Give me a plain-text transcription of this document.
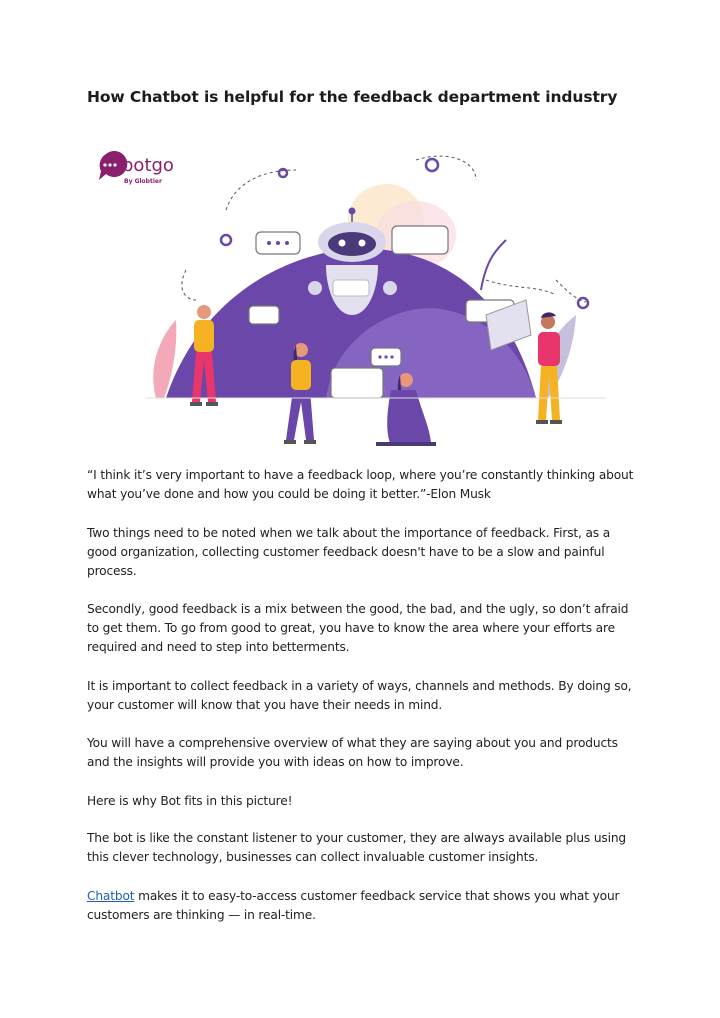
How Chatbot is helpful for the feedback department industry
botgo
By Globtier
“I think it’s very important to have a feedback loop, where you’re constantly thinking about what you’ve done and how you could be doing it better.”-Elon Musk
Two things need to be noted when we talk about the importance of feedback. First, as a good organization, collecting customer feedback doesn't have to be a slow and painful process.
Secondly, good feedback is a mix between the good, the bad, and the ugly, so don’t afraid to get them. To go from good to great, you have to know the area where your efforts are required and need to step into betterments.
It is important to collect feedback in a variety of ways, channels and methods. By doing so, your customer will know that you have their needs in mind.
You will have a comprehensive overview of what they are saying about you and products and the insights will provide you with ideas on how to improve.
Here is why Bot fits in this picture!
The bot is like the constant listener to your customer, they are always available plus using this clever technology, businesses can collect invaluable customer insights.
Chatbot makes it to easy-to-access customer feedback service that shows you what your customers are thinking — in real-time.
